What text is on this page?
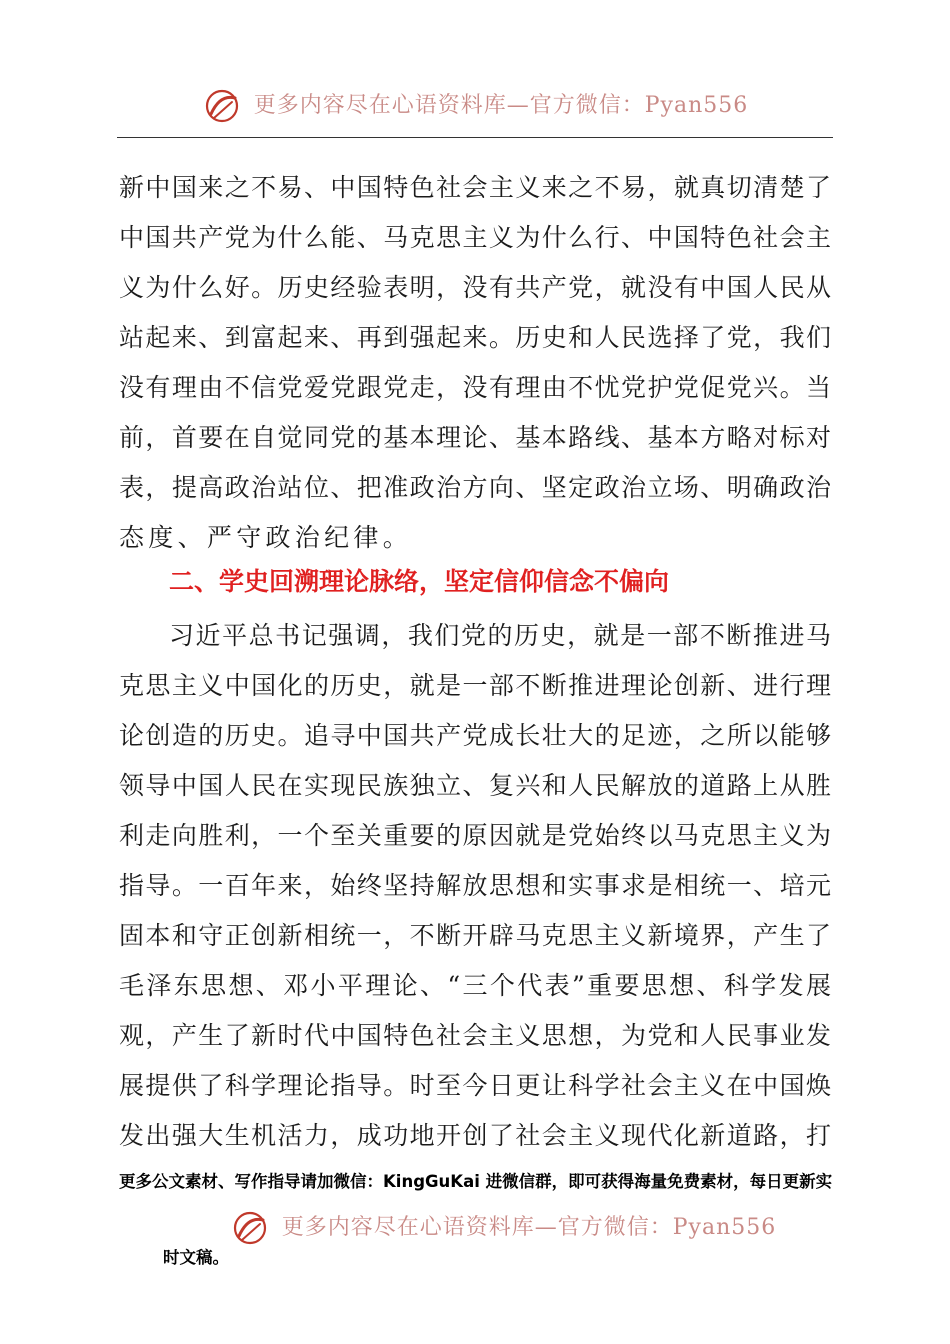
更多内容尽在心语资料库—官方微信：Pyan556
新中国来之不易、中国特色社会主义来之不易，就真切清楚了
中国共产党为什么能、马克思主义为什么行、中国特色社会主
义为什么好。历史经验表明，没有共产党，就没有中国人民从
站起来、到富起来、再到强起来。历史和人民选择了党，我们
没有理由不信党爱党跟党走，没有理由不忧党护党促党兴。当
前，首要在自觉同党的基本理论、基本路线、基本方略对标对
表，提高政治站位、把准政治方向、坚定政治立场、明确政治
态度、严守政治纪律。
二、学史回溯理论脉络，坚定信仰信念不偏向
习近平总书记强调，我们党的历史，就是一部不断推进马
克思主义中国化的历史，就是一部不断推进理论创新、进行理
论创造的历史。追寻中国共产党成长壮大的足迹，之所以能够
领导中国人民在实现民族独立、复兴和人民解放的道路上从胜
利走向胜利，一个至关重要的原因就是党始终以马克思主义为
指导。一百年来，始终坚持解放思想和实事求是相统一、培元
固本和守正创新相统一，不断开辟马克思主义新境界，产生了
毛泽东思想、邓小平理论、“三个代表”重要思想、科学发展
观，产生了新时代中国特色社会主义思想，为党和人民事业发
展提供了科学理论指导。时至今日更让科学社会主义在中国焕
发出强大生机活力，成功地开创了社会主义现代化新道路，打
更多公文素材、写作指导请加微信：KingGuKai 进微信群，即可获得海量免费素材，每日更新实
更多内容尽在心语资料库—官方微信：Pyan556
时文稿。
